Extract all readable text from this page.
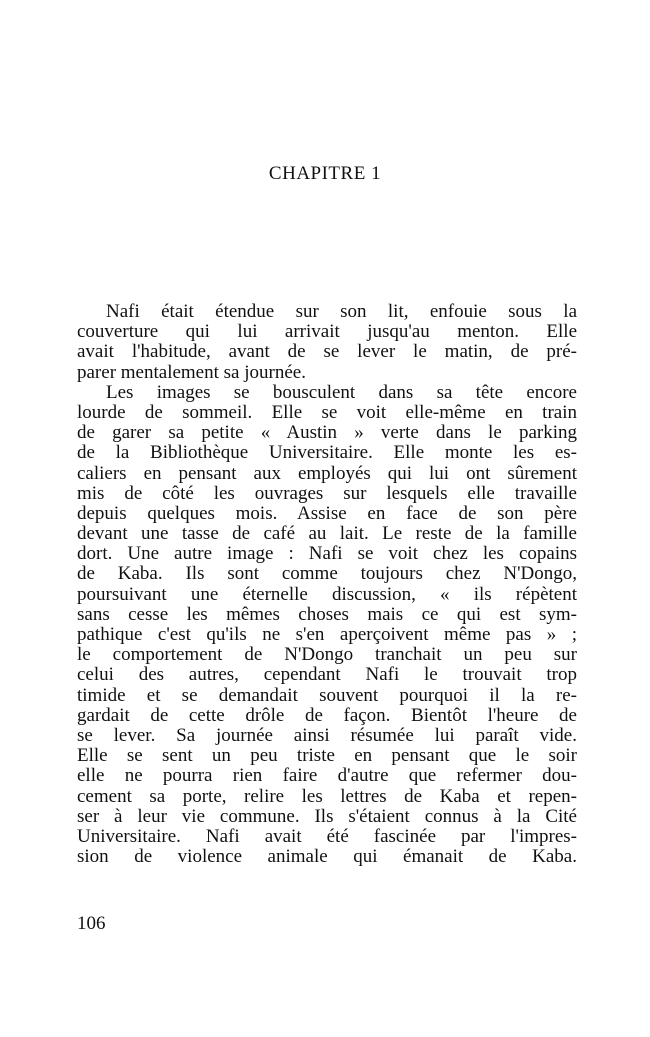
CHAPITRE 1
Nafi était étendue sur son lit, enfouie sous la
couverture qui lui arrivait jusqu'au menton. Elle
avait l'habitude, avant de se lever le matin, de pré-
parer mentalement sa journée.
Les images se bousculent dans sa tête encore
lourde de sommeil. Elle se voit elle-même en train
de garer sa petite « Austin » verte dans le parking
de la Bibliothèque Universitaire. Elle monte les es-
caliers en pensant aux employés qui lui ont sûrement
mis de côté les ouvrages sur lesquels elle travaille
depuis quelques mois. Assise en face de son père
devant une tasse de café au lait. Le reste de la famille
dort. Une autre image : Nafi se voit chez les copains
de Kaba. Ils sont comme toujours chez N'Dongo,
poursuivant une éternelle discussion, « ils répètent
sans cesse les mêmes choses mais ce qui est sym-
pathique c'est qu'ils ne s'en aperçoivent même pas » ;
le comportement de N'Dongo tranchait un peu sur
celui des autres, cependant Nafi le trouvait trop
timide et se demandait souvent pourquoi il la re-
gardait de cette drôle de façon. Bientôt l'heure de
se lever. Sa journée ainsi résumée lui paraît vide.
Elle se sent un peu triste en pensant que le soir
elle ne pourra rien faire d'autre que refermer dou-
cement sa porte, relire les lettres de Kaba et repen-
ser à leur vie commune. Ils s'étaient connus à la Cité
Universitaire. Nafi avait été fascinée par l'impres-
sion de violence animale qui émanait de Kaba.
106
